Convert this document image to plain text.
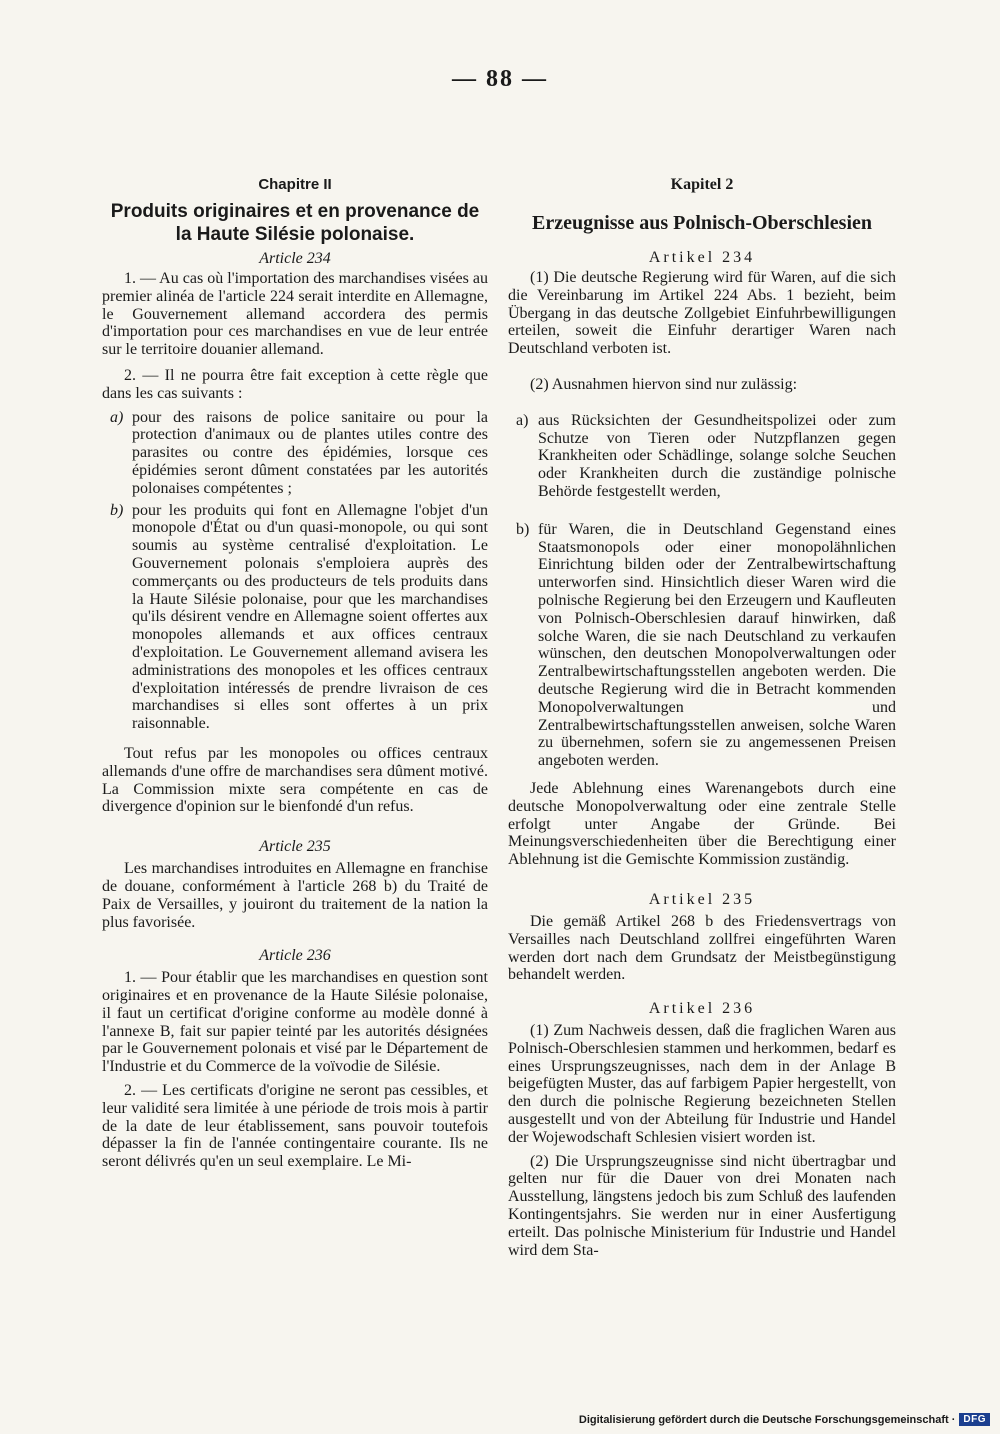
— 88 —

Chapitre II

Produits originaires et en provenance de la Haute Silésie polonaise.

Article 234

1. — Au cas où l'importation des marchandises visées au premier alinéa de l'article 224 serait interdite en Allemagne, le Gouvernement allemand accordera des permis d'importation pour ces marchandises en vue de leur entrée sur le territoire douanier allemand.

2. — Il ne pourra être fait exception à cette règle que dans les cas suivants :

a) pour des raisons de police sanitaire ou pour la protection d'animaux ou de plantes utiles contre des parasites ou contre des épidémies, lorsque ces épidémies seront dûment constatées par les autorités polonaises compétentes ;
b) pour les produits qui font en Allemagne l'objet d'un monopole d'État ou d'un quasi-monopole, ou qui sont soumis au système centralisé d'exploitation. Le Gouvernement polonais s'emploiera auprès des commerçants ou des producteurs de tels produits dans la Haute Silésie polonaise, pour que les marchandises qu'ils désirent vendre en Allemagne soient offertes aux monopoles allemands et aux offices centraux d'exploitation. Le Gouvernement allemand avisera les administrations des monopoles et les offices centraux d'exploitation intéressés de prendre livraison de ces marchandises si elles sont offertes à un prix raisonnable.

Tout refus par les monopoles ou offices centraux allemands d'une offre de marchandises sera dûment motivé. La Commission mixte sera compétente en cas de divergence d'opinion sur le bienfondé d'un refus.

Article 235

Les marchandises introduites en Allemagne en franchise de douane, conformément à l'article 268 b) du Traité de Paix de Versailles, y jouiront du traitement de la nation la plus favorisée.

Article 236

1. — Pour établir que les marchandises en question sont originaires et en provenance de la Haute Silésie polonaise, il faut un certificat d'origine conforme au modèle donné à l'annexe B, fait sur papier teinté par les autorités désignées par le Gouvernement polonais et visé par le Département de l'Industrie et du Commerce de la voïvodie de Silésie.

2. — Les certificats d'origine ne seront pas cessibles, et leur validité sera limitée à une période de trois mois à partir de la date de leur établissement, sans pouvoir toutefois dépasser la fin de l'année contingentaire courante. Ils ne seront délivrés qu'en un seul exemplaire. Le Mi-

Kapitel 2

Erzeugnisse aus Polnisch-Oberschlesien

Artikel 234

(1) Die deutsche Regierung wird für Waren, auf die sich die Vereinbarung im Artikel 224 Abs. 1 bezieht, beim Übergang in das deutsche Zollgebiet Einfuhrbewilligungen erteilen, soweit die Einfuhr derartiger Waren nach Deutschland verboten ist.

(2) Ausnahmen hiervon sind nur zulässig:

a) aus Rücksichten der Gesundheitspolizei oder zum Schutze von Tieren oder Nutzpflanzen gegen Krankheiten oder Schädlinge, solange solche Seuchen oder Krankheiten durch die zuständige polnische Behörde festgestellt werden,
b) für Waren, die in Deutschland Gegenstand eines Staatsmonopols oder einer monopolähnlichen Einrichtung bilden oder der Zentralbewirtschaftung unterworfen sind. Hinsichtlich dieser Waren wird die polnische Regierung bei den Erzeugern und Kaufleuten von Polnisch-Oberschlesien darauf hinwirken, daß solche Waren, die sie nach Deutschland zu verkaufen wünschen, den deutschen Monopolverwaltungen oder Zentralbewirtschaftungsstellen angeboten werden. Die deutsche Regierung wird die in Betracht kommenden Monopolverwaltungen und Zentralbewirtschaftungsstellen anweisen, solche Waren zu übernehmen, sofern sie zu angemessenen Preisen angeboten werden.

Jede Ablehnung eines Warenangebots durch eine deutsche Monopolverwaltung oder eine zentrale Stelle erfolgt unter Angabe der Gründe. Bei Meinungsverschiedenheiten über die Berechtigung einer Ablehnung ist die Gemischte Kommission zuständig.

Artikel 235

Die gemäß Artikel 268 b des Friedensvertrags von Versailles nach Deutschland zollfrei eingeführten Waren werden dort nach dem Grundsatz der Meistbegünstigung behandelt werden.

Artikel 236

(1) Zum Nachweis dessen, daß die fraglichen Waren aus Polnisch-Oberschlesien stammen und herkommen, bedarf es eines Ursprungszeugnisses, nach dem in der Anlage B beigefügten Muster, das auf farbigem Papier hergestellt, von den durch die polnische Regierung bezeichneten Stellen ausgestellt und von der Abteilung für Industrie und Handel der Wojewodschaft Schlesien visiert worden ist.

(2) Die Ursprungszeugnisse sind nicht übertragbar und gelten nur für die Dauer von drei Monaten nach Ausstellung, längstens jedoch bis zum Schluß des laufenden Kontingentsjahrs. Sie werden nur in einer Ausfertigung erteilt. Das polnische Ministerium für Industrie und Handel wird dem Sta-

Digitalisierung gefördert durch die Deutsche Forschungsgemeinschaft · DFG
